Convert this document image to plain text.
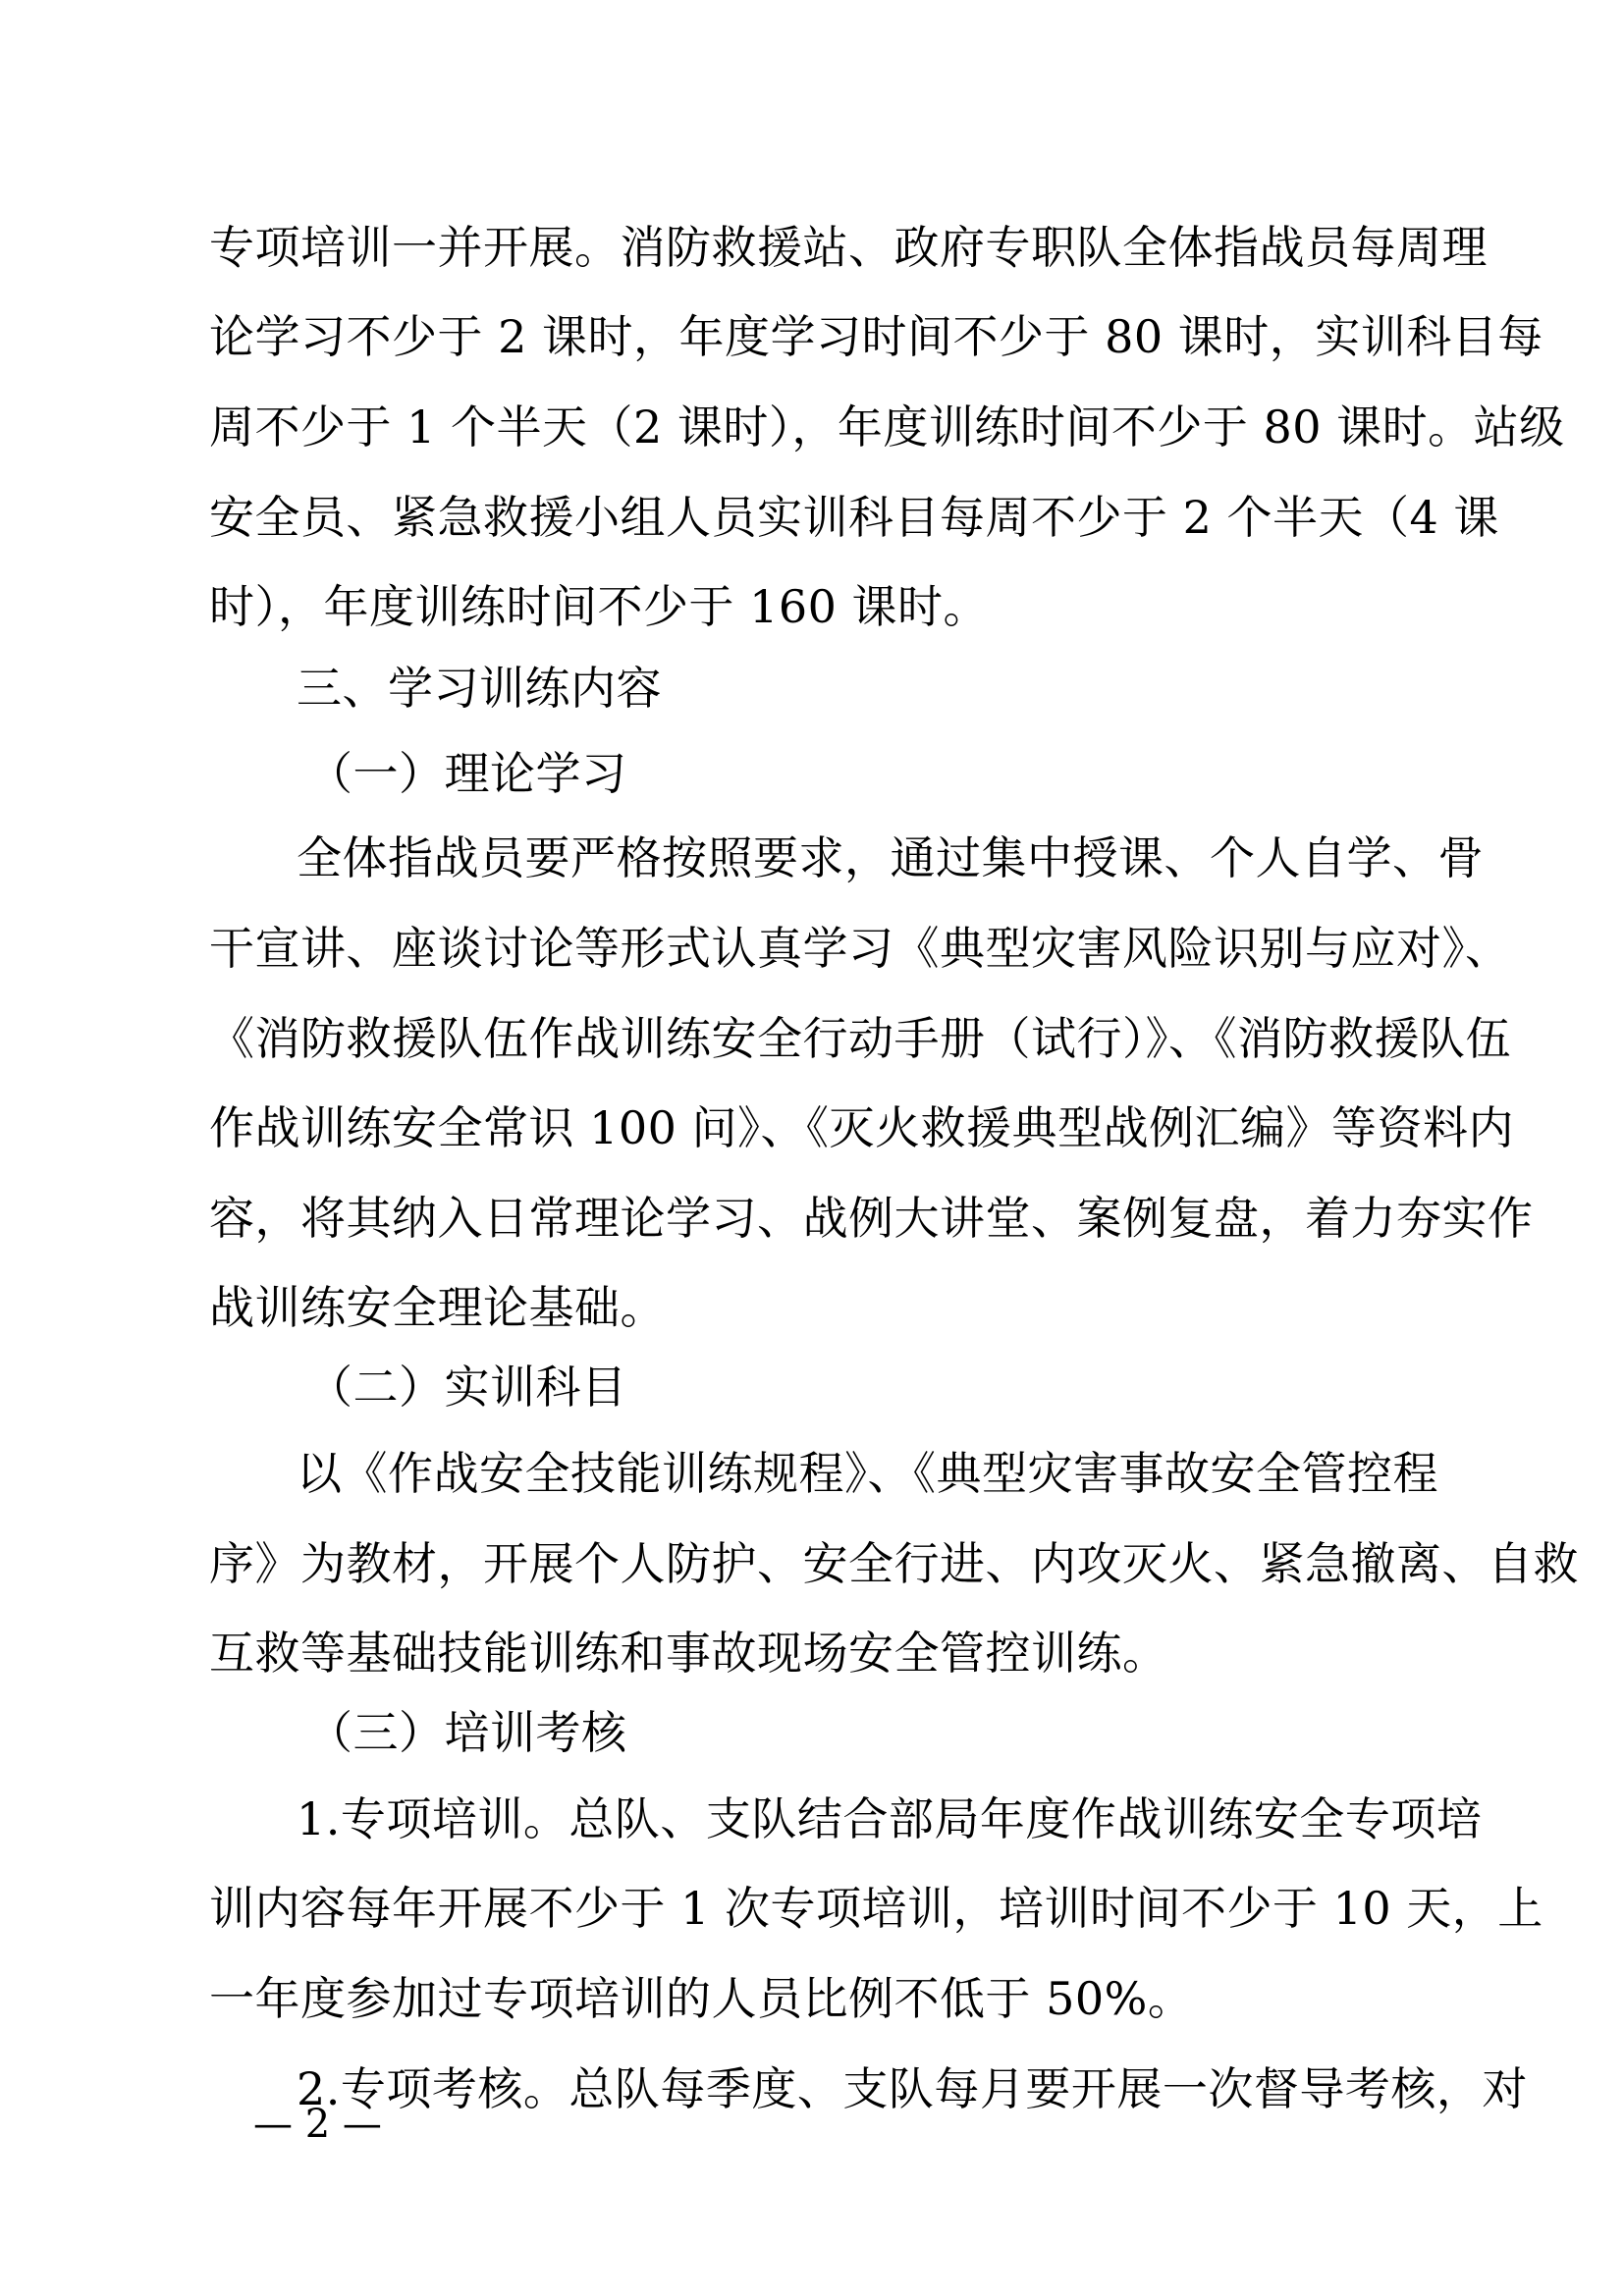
专项培训一并开展。消防救援站、政府专职队全体指战员每周理
论学习不少于 2 课时，年度学习时间不少于 80 课时，实训科目每
周不少于 1 个半天（2 课时），年度训练时间不少于 80 课时。站级
安全员、紧急救援小组人员实训科目每周不少于 2 个半天（4 课
时），年度训练时间不少于 160 课时。
三、学习训练内容
（一）理论学习
全体指战员要严格按照要求，通过集中授课、个人自学、骨
干宣讲、座谈讨论等形式认真学习《典型灾害风险识别与应对》、
《消防救援队伍作战训练安全行动手册（试行）》、《消防救援队伍
作战训练安全常识 100 问》、《灭火救援典型战例汇编》等资料内
容，将其纳入日常理论学习、战例大讲堂、案例复盘，着力夯实作
战训练安全理论基础。
（二）实训科目
以《作战安全技能训练规程》、《典型灾害事故安全管控程
序》为教材，开展个人防护、安全行进、内攻灭火、紧急撤离、自救
互救等基础技能训练和事故现场安全管控训练。
（三）培训考核
1.专项培训。总队、支队结合部局年度作战训练安全专项培
训内容每年开展不少于 1 次专项培训，培训时间不少于 10 天，上
一年度参加过专项培训的人员比例不低于 50%。
2.专项考核。总队每季度、支队每月要开展一次督导考核，对
— 2 —
